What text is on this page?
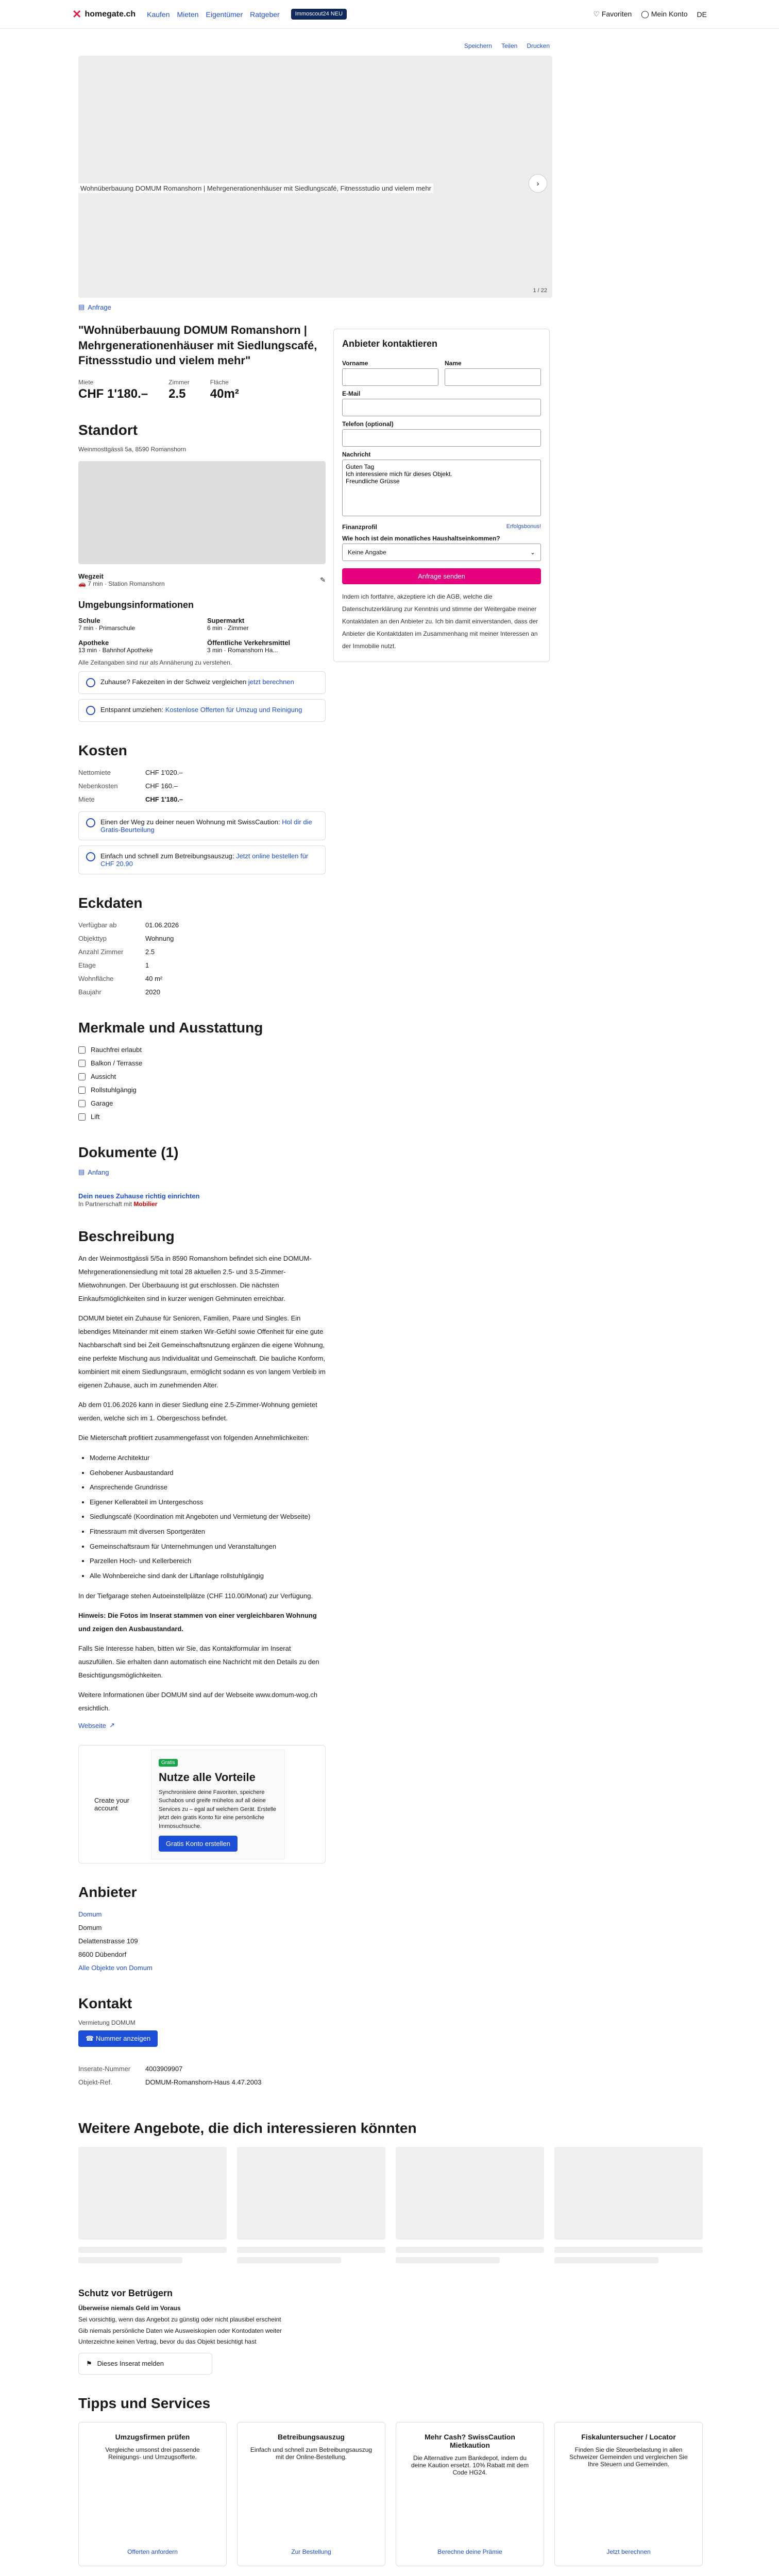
✕ homegate.ch Kaufen Mieten Eigentümer Ratgeber	Immoscout24 NEU	♡ Favoriten ◯ Mein Konto DE
Speichern Teilen Drucken
Wohnüberbauung DOMUM Romanshorn | Mehrgenerationenhäuser mit Siedlungscafé, Fitnessstudio und vielem mehr
›
1 / 22
▤ Anfrage
"Wohnüberbauung DOMUM Romanshorn | Mehrgenerationenhäuser mit Siedlungscafé, Fitnessstudio und vielem mehr"
Miete
CHF 1'180.–
Zimmer
2.5
Fläche
40m²
Standort
Weinmosttgässli 5a, 8590 Romanshorn
Wegzeit
🚗 7 min · Station Romanshorn
✎
Umgebungsinformationen
Schule
7 min · Primarschule
Supermarkt
6 min · Zimmer
Apotheke
13 min · Bahnhof Apotheke
Öffentliche Verkehrsmittel
3 min · Romanshorn Ha...
Alle Zeitangaben sind nur als Annäherung zu verstehen.
Zuhause? Fakezeiten in der Schweiz vergleichen jetzt berechnen
Entspannt umziehen: Kostenlose Offerten für Umzug und Reinigung
Kosten
Nettomiete	CHF 1'020.–
Nebenkosten	CHF 160.–
Miete	CHF 1'180.–
Einen der Weg zu deiner neuen Wohnung mit SwissCaution: Hol dir die Gratis-Beurteilung
Einfach und schnell zum Betreibungsauszug: Jetzt online bestellen für CHF 20.90
Eckdaten
Verfügbar ab	01.06.2026
Objekttyp	Wohnung
Anzahl Zimmer	2.5
Etage	1
Wohnfläche	40 m²
Baujahr	2020
Merkmale und Ausstattung
Rauchfrei erlaubt
Balkon / Terrasse
Aussicht
Rollstuhlgängig
Garage
Lift
Dokumente (1)
▤ Anfang
Dein neues Zuhause richtig einrichten
In Partnerschaft mit Mobilier
Beschreibung

An der Weinmosttgässli 5/5a in 8590 Romanshorn befindet sich eine DOMUM-Mehrgenerationensiedlung mit total 28 aktuellen 2.5- und 3.5-Zimmer-Mietwohnungen. Der Überbauung ist gut erschlossen. Die nächsten Einkaufsmöglichkeiten sind in kurzer wenigen Gehminuten erreichbar.

DOMUM bietet ein Zuhause für Senioren, Familien, Paare und Singles. Ein lebendiges Miteinander mit einem starken Wir-Gefühl sowie Offenheit für eine gute Nachbarschaft sind bei Zeit Gemeinschaftsnutzung ergänzen die eigene Wohnung, eine perfekte Mischung aus Individualität und Gemeinschaft. Die bauliche Konform, kombiniert mit einem Siedlungsraum, ermöglicht sodann es von langem Verbleib im eigenen Zuhause, auch im zunehmenden Alter.

Ab dem 01.06.2026 kann in dieser Siedlung eine 2.5-Zimmer-Wohnung gemietet werden, welche sich im 1. Obergeschoss befindet.

Die Mieterschaft profitiert zusammengefasst von folgenden Annehmlichkeiten:

• Moderne Architektur
• Gehobener Ausbaustandard
• Ansprechende Grundrisse
• Eigener Kellerabteil im Untergeschoss
• Siedlungscafé (Koordination mit Angeboten und Vermietung der Webseite)
• Fitnessraum mit diversen Sportgeräten
• Gemeinschaftsraum für Unternehmungen und Veranstaltungen
• Parzellen Hoch- und Kellerbereich
• Alle Wohnbereiche sind dank der Liftanlage rollstuhlgängig

In der Tiefgarage stehen Autoeinstellplätze (CHF 110.00/Monat) zur Verfügung.

Hinweis: Die Fotos im Inserat stammen von einer vergleichbaren Wohnung und zeigen den Ausbaustandard.

Falls Sie Interesse haben, bitten wir Sie, das Kontaktformular im Inserat auszufüllen. Sie erhalten dann automatisch eine Nachricht mit den Details zu den Besichtigungsmöglichkeiten.

Weitere Informationen über DOMUM sind auf der Webseite www.domum-wog.ch ersichtlich.

Webseite ↗
Create your account
Gratis
Nutze alle Vorteile

Synchronisiere deine Favoriten, speichere Suchabos und greife mühelos auf all deine Services zu – egal auf welchem Gerät. Erstelle jetzt dein gratis Konto für eine persönliche Immosuchsuche.

Gratis Konto erstellen
Anbieter
Domum
Domum
Delattenstrasse 109
8600 Dübendorf
Alle Objekte von Domum
Kontakt
Vermietung DOMUM
☎ Nummer anzeigen
Inserate-Nummer	4003909907
Objekt-Ref.	DOMUM-Romanshorn-Haus 4.47.2003
Anbieter kontaktieren
Vorname	Name
E-Mail
Telefon (optional)
Nachricht
Guten Tag Ich interessiere mich für dieses Objekt. Freundliche Grüsse
Finanzprofil	Erfolgsbonus!
Wie hoch ist dein monatliches Haushaltseinkommen?
Keine Angabe	⌄
Anfrage senden

Indem ich fortfahre, akzeptiere ich die AGB, welche die Datenschutzerklärung zur Kenntnis und stimme der Weitergabe meiner Kontaktdaten an den Anbieter zu. Ich bin damit einverstanden, dass der Anbieter die Kontaktdaten im Zusammenhang mit meiner Interessen an der Immobilie nutzt.

Weitere Angebote, die dich interessieren könnten
Schutz vor Betrügern
Überweise niemals Geld im Voraus
Sei vorsichtig, wenn das Angebot zu günstig oder nicht plausibel erscheint
Gib niemals persönliche Daten wie Ausweiskopien oder Kontodaten weiter
Unterzeichne keinen Vertrag, bevor du das Objekt besichtigt hast
⚑ Dieses Inserat melden
Tipps und Services
Umzugsfirmen prüfen

Vergleiche umsonst drei passende Reinigungs- und Umzugsofferte.

Offerten anfordern
Betreibungsauszug

Einfach und schnell zum Betreibungsauszug mit der Online-Bestellung.

Zur Bestellung
Mehr Cash? SwissCaution Mietkaution

Die Alternative zum Bankdepot, indem du deine Kaution ersetzt. 10% Rabatt mit dem Code HG24.

Berechne deine Prämie
Fiskaluntersucher / Locator

Finden Sie die Steuerbelastung in allen Schweizer Gemeinden und vergleichen Sie Ihre Steuern und Gemeinden.

Jetzt berechnen
